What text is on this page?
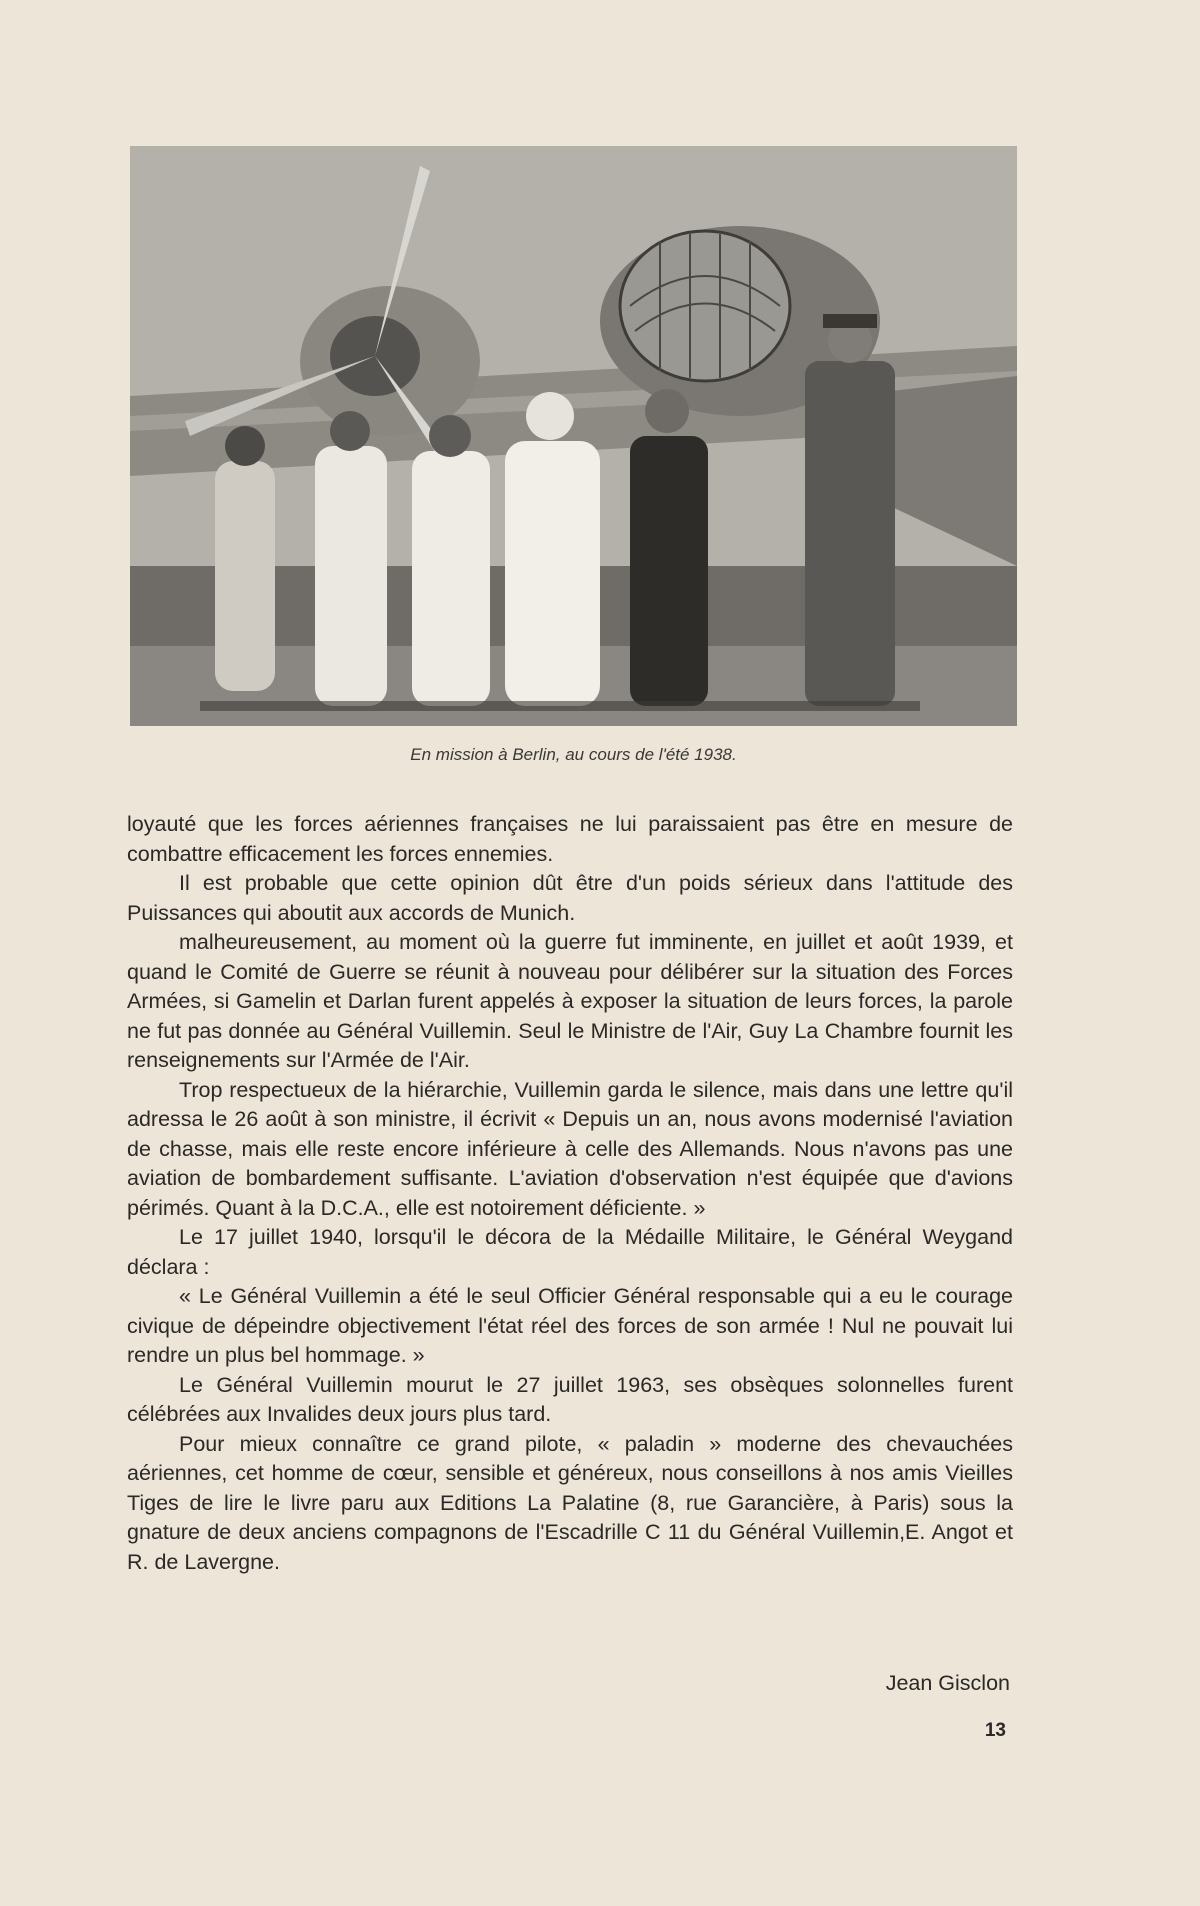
En mission à Berlin, au cours de l'été 1938.

loyauté que les forces aériennes françaises ne lui paraissaient pas être en mesure de combattre efficacement les forces ennemies.

Il est probable que cette opinion dût être d'un poids sérieux dans l'attitude des Puissances qui aboutit aux accords de Munich.

malheureusement, au moment où la guerre fut imminente, en juillet et août 1939, et quand le Comité de Guerre se réunit à nouveau pour délibérer sur la situation des Forces Armées, si Gamelin et Darlan furent appelés à exposer la situation de leurs forces, la parole ne fut pas donnée au Général Vuillemin. Seul le Ministre de l'Air, Guy La Chambre fournit les renseignements sur l'Armée de l'Air.

Trop respectueux de la hiérarchie, Vuillemin garda le silence, mais dans une lettre qu'il adressa le 26 août à son ministre, il écrivit « Depuis un an, nous avons modernisé l'aviation de chasse, mais elle reste encore inférieure à celle des Allemands. Nous n'avons pas une aviation de bombardement suffisante. L'aviation d'observation n'est équipée que d'avions périmés. Quant à la D.C.A., elle est notoirement déficiente. »

Le 17 juillet 1940, lorsqu'il le décora de la Médaille Militaire, le Général Weygand déclara :

« Le Général Vuillemin a été le seul Officier Général responsable qui a eu le courage civique de dépeindre objectivement l'état réel des forces de son armée ! Nul ne pouvait lui rendre un plus bel hommage. »

Le Général Vuillemin mourut le 27 juillet 1963, ses obsèques solonnelles furent célébrées aux Invalides deux jours plus tard.

Pour mieux connaître ce grand pilote, « paladin » moderne des chevauchées aériennes, cet homme de cœur, sensible et généreux, nous conseillons à nos amis Vieilles Tiges de lire le livre paru aux Editions La Palatine (8, rue Garancière, à Paris) sous la gnature de deux anciens compagnons de l'Escadrille C 11 du Général Vuillemin,E. Angot et R. de Lavergne.

Jean Gisclon
13
